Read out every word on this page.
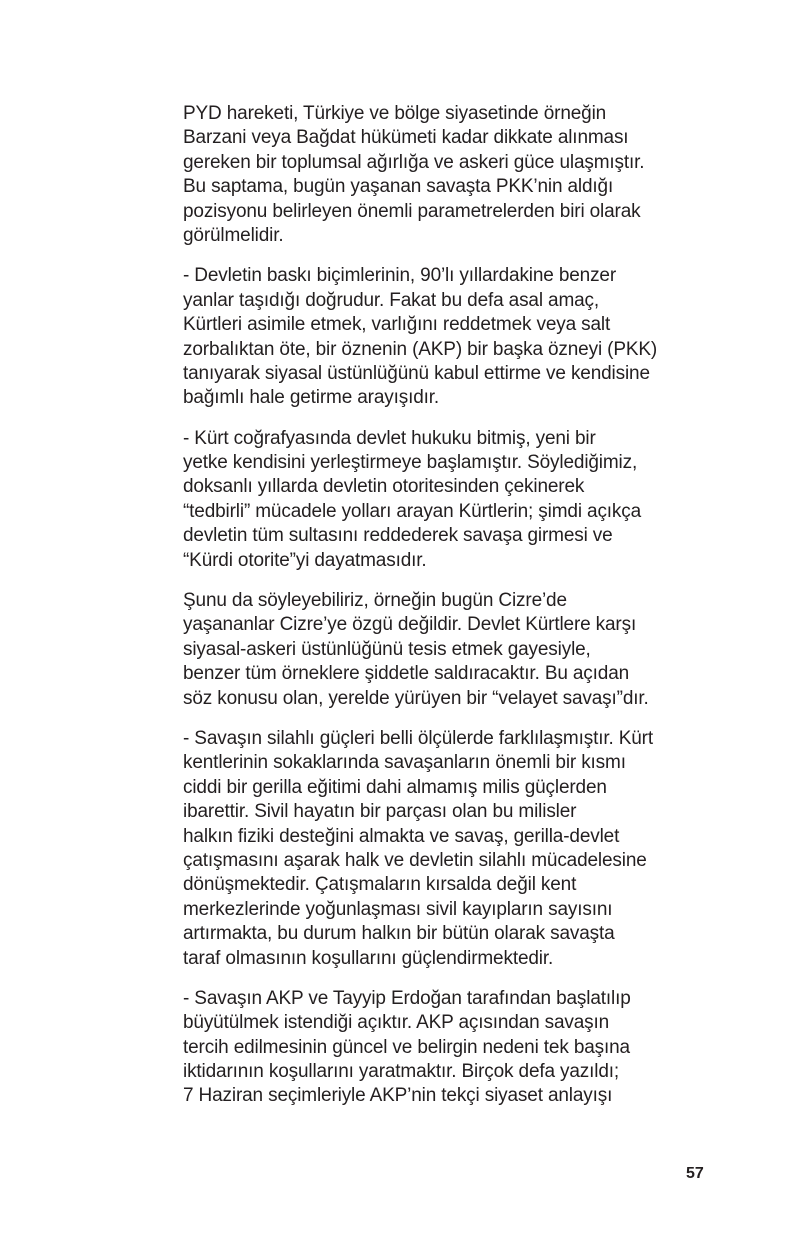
PYD hareketi, Türkiye ve bölge siyasetinde örneğin
Barzani veya Bağdat hükümeti kadar dikkate alınması
gereken bir toplumsal ağırlığa ve askeri güce ulaşmıştır.
Bu saptama, bugün yaşanan savaşta PKK’nin aldığı
pozisyonu belirleyen önemli parametrelerden biri olarak
görülmelidir.
- Devletin baskı biçimlerinin, 90’lı yıllardakine benzer
yanlar taşıdığı doğrudur. Fakat bu defa asal amaç,
Kürtleri asimile etmek, varlığını reddetmek veya salt
zorbalıktan öte, bir öznenin (AKP) bir başka özneyi (PKK)
tanıyarak siyasal üstünlüğünü kabul ettirme ve kendisine
bağımlı hale getirme arayışıdır.
- Kürt coğrafyasında devlet hukuku bitmiş, yeni bir
yetke kendisini yerleştirmeye başlamıştır. Söylediğimiz,
doksanlı yıllarda devletin otoritesinden çekinerek
“tedbirli” mücadele yolları arayan Kürtlerin; şimdi açıkça
devletin tüm sultasını reddederek savaşa girmesi ve
“Kürdi otorite”yi dayatmasıdır.
Şunu da söyleyebiliriz, örneğin bugün Cizre’de
yaşananlar Cizre’ye özgü değildir. Devlet Kürtlere karşı
siyasal-askeri üstünlüğünü tesis etmek gayesiyle,
benzer tüm örneklere şiddetle saldıracaktır. Bu açıdan
söz konusu olan, yerelde yürüyen bir “velayet savaşı”dır.
- Savaşın silahlı güçleri belli ölçülerde farklılaşmıştır. Kürt
kentlerinin sokaklarında savaşanların önemli bir kısmı
ciddi bir gerilla eğitimi dahi almamış milis güçlerden
ibarettir. Sivil hayatın bir parçası olan bu milisler
halkın fiziki desteğini almakta ve savaş, gerilla-devlet
çatışmasını aşarak halk ve devletin silahlı mücadelesine
dönüşmektedir. Çatışmaların kırsalda değil kent
merkezlerinde yoğunlaşması sivil kayıpların sayısını
artırmakta, bu durum halkın bir bütün olarak savaşta
taraf olmasının koşullarını güçlendirmektedir.
- Savaşın AKP ve Tayyip Erdoğan tarafından başlatılıp
büyütülmek istendiği açıktır. AKP açısından savaşın
tercih edilmesinin güncel ve belirgin nedeni tek başına
iktidarının koşullarını yaratmaktır. Birçok defa yazıldı;
7 Haziran seçimleriyle AKP’nin tekçi siyaset anlayışı
57
